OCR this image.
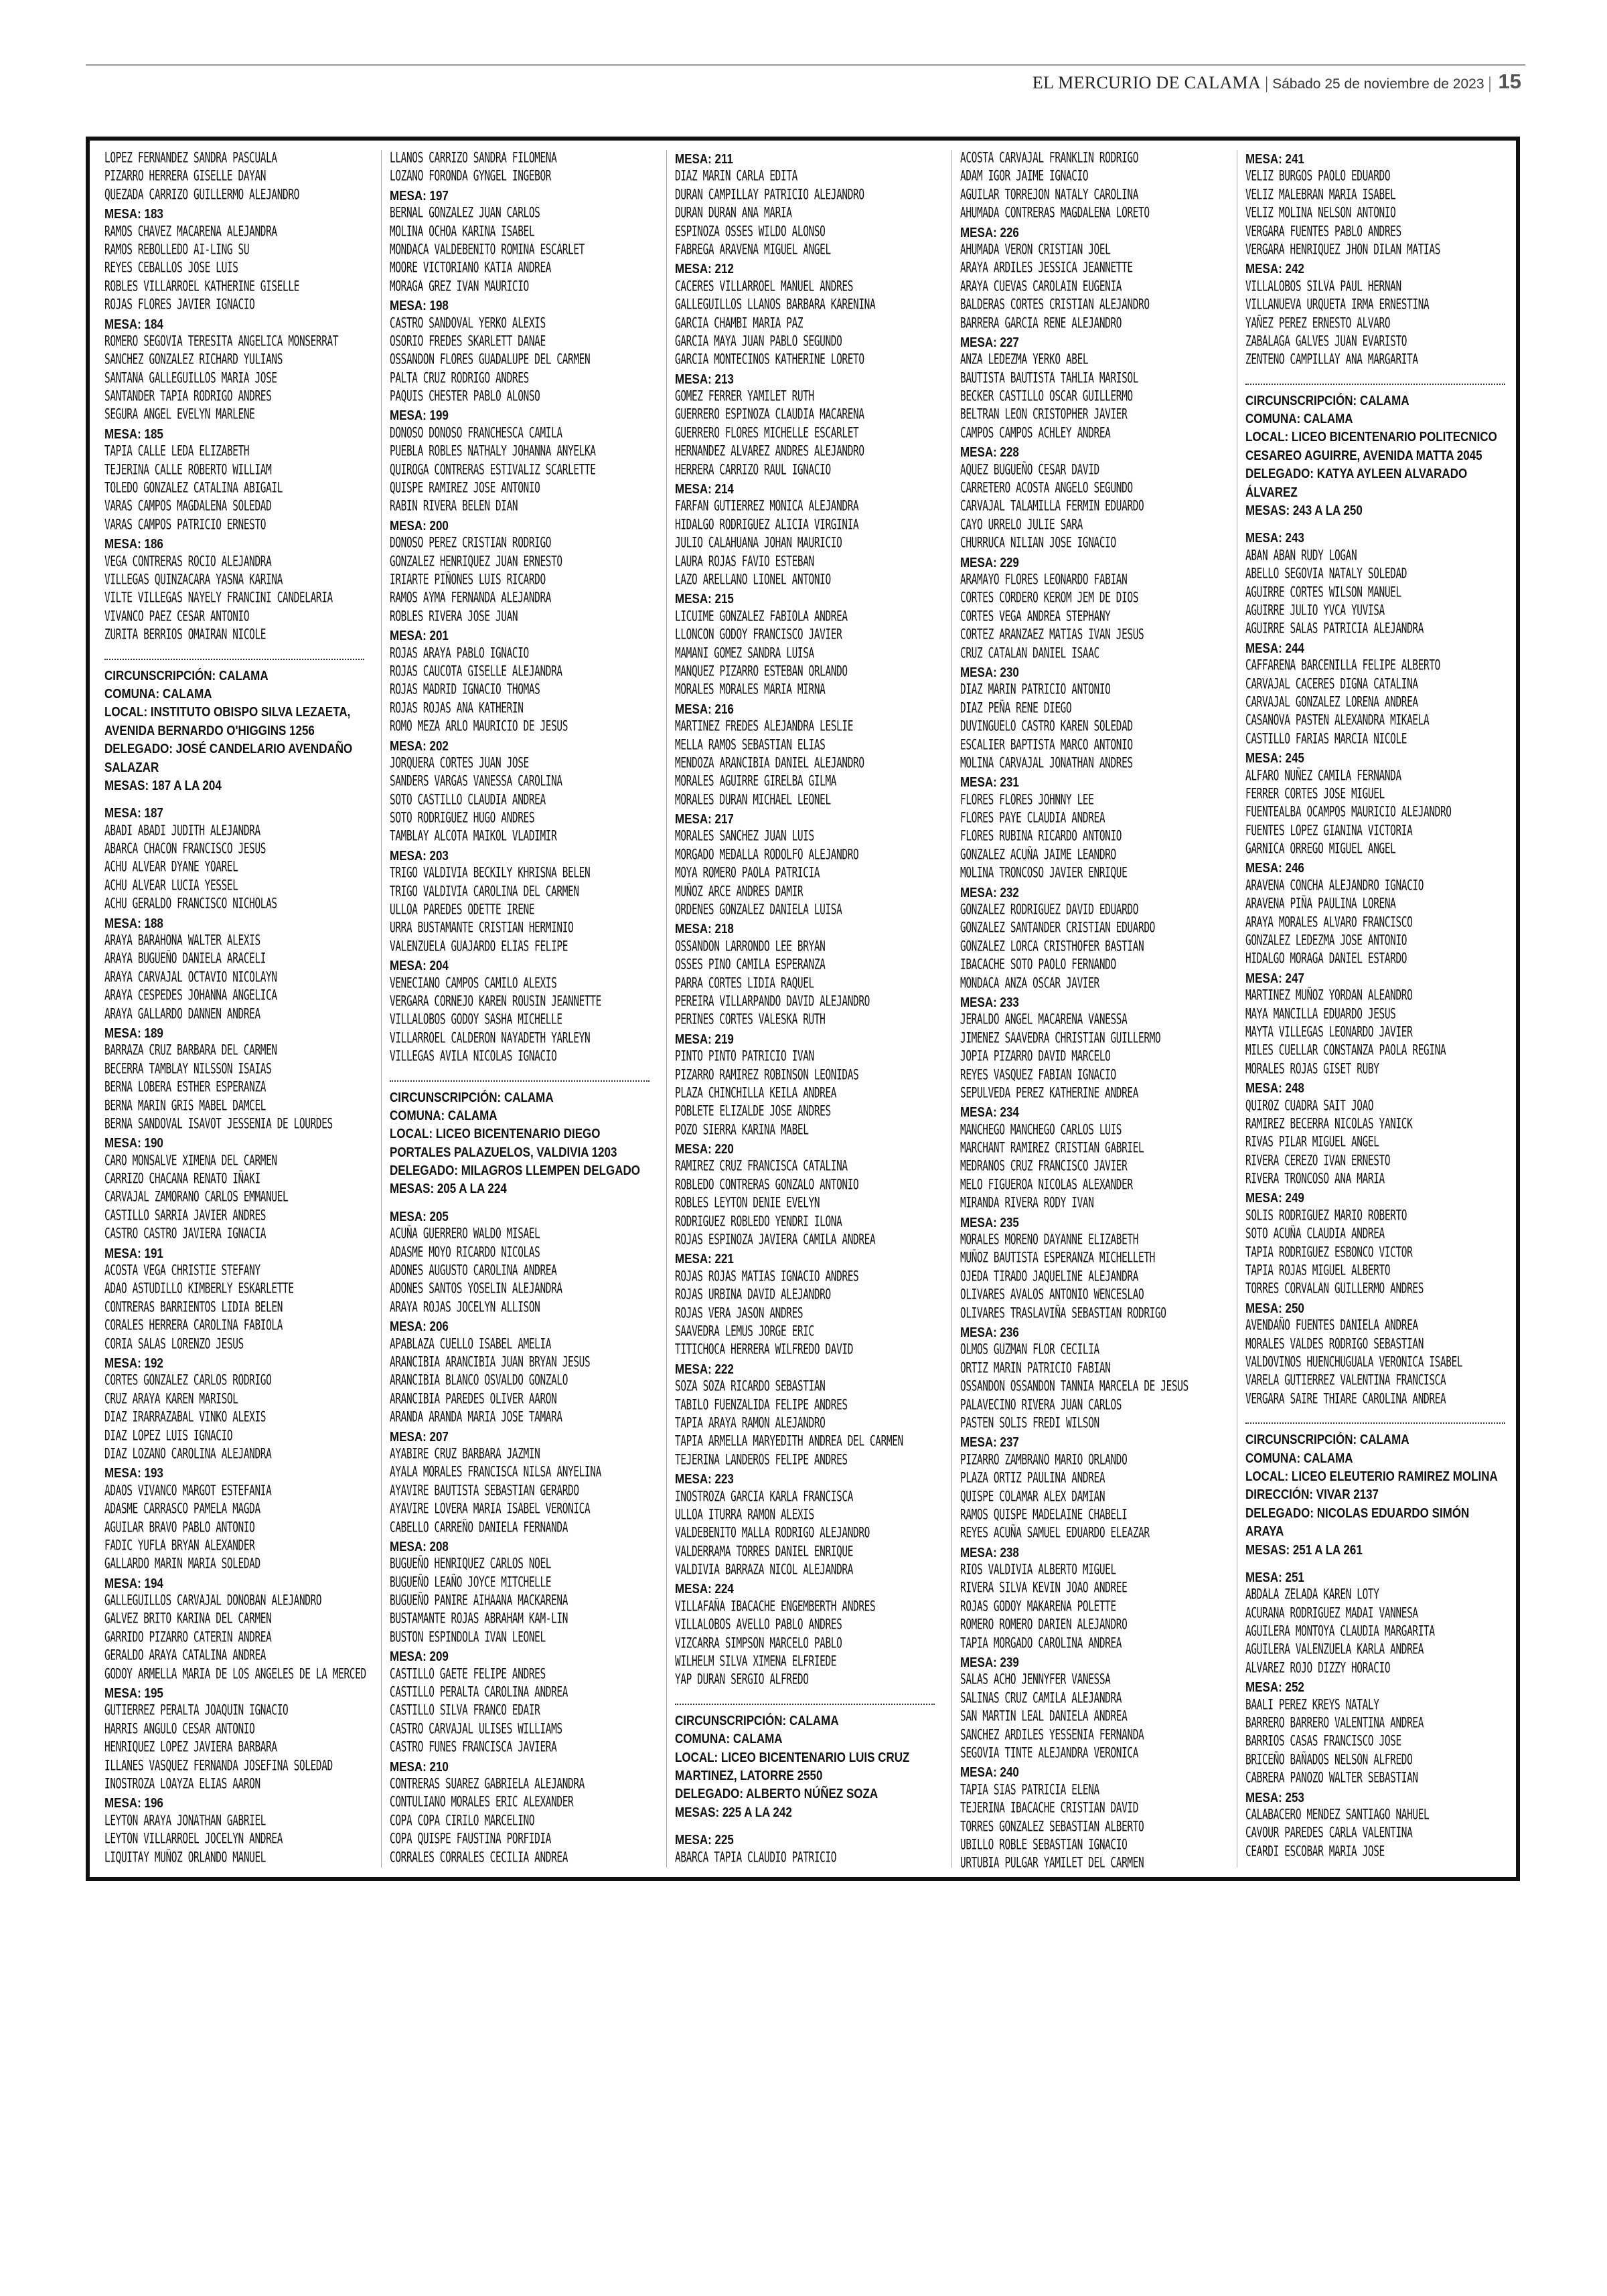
EL MERCURIO DE CALAMA | Sábado 25 de noviembre de 2023 | 15
LOPEZ FERNANDEZ SANDRA PASCUALA
PIZARRO HERRERA GISELLE DAYAN
QUEZADA CARRIZO GUILLERMO ALEJANDRO
MESA: 183
RAMOS CHAVEZ MACARENA ALEJANDRA
RAMOS REBOLLEDO AI-LING SU
REYES CEBALLOS JOSE LUIS
ROBLES VILLARROEL KATHERINE GISELLE
ROJAS FLORES JAVIER IGNACIO
MESA: 184
ROMERO SEGOVIA TERESITA ANGELICA MONSERRAT
SANCHEZ GONZALEZ RICHARD YULIANS
SANTANA GALLEGUILLOS MARIA JOSE
SANTANDER TAPIA RODRIGO ANDRES
SEGURA ANGEL EVELYN MARLENE
MESA: 185
TAPIA CALLE LEDA ELIZABETH
TEJERINA CALLE ROBERTO WILLIAM
TOLEDO GONZALEZ CATALINA ABIGAIL
VARAS CAMPOS MAGDALENA SOLEDAD
VARAS CAMPOS PATRICIO ERNESTO
MESA: 186
VEGA CONTRERAS ROCIO ALEJANDRA
VILLEGAS QUINZACARA YASNA KARINA
VILTE VILLEGAS NAYELY FRANCINI CANDELARIA
VIVANCO PAEZ CESAR ANTONIO
ZURITA BERRIOS OMAIRAN NICOLE
CIRCUNSCRIPCIÓN: CALAMA
COMUNA: CALAMA
LOCAL: INSTITUTO OBISPO SILVA LEZAETA,
AVENIDA BERNARDO O'HIGGINS 1256
DELEGADO: JOSÉ CANDELARIO AVENDAÑO
SALAZAR
MESAS: 187 A LA 204
MESA: 187
ABADI ABADI JUDITH ALEJANDRA
ABARCA CHACON FRANCISCO JESUS
ACHU ALVEAR DYANE YOAREL
ACHU ALVEAR LUCIA YESSEL
ACHU GERALDO FRANCISCO NICHOLAS
MESA: 188
ARAYA BARAHONA WALTER ALEXIS
ARAYA BUGUEÑO DANIELA ARACELI
ARAYA CARVAJAL OCTAVIO NICOLAYN
ARAYA CESPEDES JOHANNA ANGELICA
ARAYA GALLARDO DANNEN ANDREA
MESA: 189
BARRAZA CRUZ BARBARA DEL CARMEN
BECERRA TAMBLAY NILSSON ISAIAS
BERNA LOBERA ESTHER ESPERANZA
BERNA MARIN GRIS MABEL DAMCEL
BERNA SANDOVAL ISAVOT JESSENIA DE LOURDES
MESA: 190
CARO MONSALVE XIMENA DEL CARMEN
CARRIZO CHACANA RENATO IÑAKI
CARVAJAL ZAMORANO CARLOS EMMANUEL
CASTILLO SARRIA JAVIER ANDRES
CASTRO CASTRO JAVIERA IGNACIA
MESA: 191
ACOSTA VEGA CHRISTIE STEFANY
ADAO ASTUDILLO KIMBERLY ESKARLETTE
CONTRERAS BARRIENTOS LIDIA BELEN
CORALES HERRERA CAROLINA FABIOLA
CORIA SALAS LORENZO JESUS
MESA: 192
CORTES GONZALEZ CARLOS RODRIGO
CRUZ ARAYA KAREN MARISOL
DIAZ IRARRAZABAL VINKO ALEXIS
DIAZ LOPEZ LUIS IGNACIO
DIAZ LOZANO CAROLINA ALEJANDRA
MESA: 193
ADAOS VIVANCO MARGOT ESTEFANIA
ADASME CARRASCO PAMELA MAGDA
AGUILAR BRAVO PABLO ANTONIO
FADIC YUFLA BRYAN ALEXANDER
GALLARDO MARIN MARIA SOLEDAD
MESA: 194
GALLEGUILLOS CARVAJAL DONOBAN ALEJANDRO
GALVEZ BRITO KARINA DEL CARMEN
GARRIDO PIZARRO CATERIN ANDREA
GERALDO ARAYA CATALINA ANDREA
GODOY ARMELLA MARIA DE LOS ANGELES DE LA MERCED
MESA: 195
GUTIERREZ PERALTA JOAQUIN IGNACIO
HARRIS ANGULO CESAR ANTONIO
HENRIQUEZ LOPEZ JAVIERA BARBARA
ILLANES VASQUEZ FERNANDA JOSEFINA SOLEDAD
INOSTROZA LOAYZA ELIAS AARON
MESA: 196
LEYTON ARAYA JONATHAN GABRIEL
LEYTON VILLARROEL JOCELYN ANDREA
LIQUITAY MUÑOZ ORLANDO MANUEL
LLANOS CARRIZO SANDRA FILOMENA
LOZANO FORONDA GYNGEL INGEBOR
MESA: 197
BERNAL GONZALEZ JUAN CARLOS
MOLINA OCHOA KARINA ISABEL
MONDACA VALDEBENITO ROMINA ESCARLET
MOORE VICTORIANO KATIA ANDREA
MORAGA GREZ IVAN MAURICIO
MESA: 198
CASTRO SANDOVAL YERKO ALEXIS
OSORIO FREDES SKARLETT DANAE
OSSANDON FLORES GUADALUPE DEL CARMEN
PALTA CRUZ RODRIGO ANDRES
PAQUIS CHESTER PABLO ALONSO
MESA: 199
DONOSO DONOSO FRANCHESCA CAMILA
PUEBLA ROBLES NATHALY JOHANNA ANYELKA
QUIROGA CONTRERAS ESTIVALIZ SCARLETTE
QUISPE RAMIREZ JOSE ANTONIO
RABIN RIVERA BELEN DIAN
MESA: 200
DONOSO PEREZ CRISTIAN RODRIGO
GONZALEZ HENRIQUEZ JUAN ERNESTO
IRIARTE PIÑONES LUIS RICARDO
RAMOS AYMA FERNANDA ALEJANDRA
ROBLES RIVERA JOSE JUAN
MESA: 201
ROJAS ARAYA PABLO IGNACIO
ROJAS CAUCOTA GISELLE ALEJANDRA
ROJAS MADRID IGNACIO THOMAS
ROJAS ROJAS ANA KATHERIN
ROMO MEZA ARLO MAURICIO DE JESUS
MESA: 202
JORQUERA CORTES JUAN JOSE
SANDERS VARGAS VANESSA CAROLINA
SOTO CASTILLO CLAUDIA ANDREA
SOTO RODRIGUEZ HUGO ANDRES
TAMBLAY ALCOTA MAIKOL VLADIMIR
MESA: 203
TRIGO VALDIVIA BECKILY KHRISNA BELEN
TRIGO VALDIVIA CAROLINA DEL CARMEN
ULLOA PAREDES ODETTE IRENE
URRA BUSTAMANTE CRISTIAN HERMINIO
VALENZUELA GUAJARDO ELIAS FELIPE
MESA: 204
VENECIANO CAMPOS CAMILO ALEXIS
VERGARA CORNEJO KAREN ROUSIN JEANNETTE
VILLALOBOS GODOY SASHA MICHELLE
VILLARROEL CALDERON NAYADETH YARLEYN
VILLEGAS AVILA NICOLAS IGNACIO
CIRCUNSCRIPCIÓN: CALAMA
COMUNA: CALAMA
LOCAL: LICEO BICENTENARIO DIEGO
PORTALES PALAZUELOS, VALDIVIA 1203
DELEGADO: MILAGROS LLEMPEN DELGADO
MESAS: 205 A LA 224
MESA: 205
ACUÑA GUERRERO WALDO MISAEL
ADASME MOYO RICARDO NICOLAS
ADONES AUGUSTO CAROLINA ANDREA
ADONES SANTOS YOSELIN ALEJANDRA
ARAYA ROJAS JOCELYN ALLISON
MESA: 206
APABLAZA CUELLO ISABEL AMELIA
ARANCIBIA ARANCIBIA JUAN BRYAN JESUS
ARANCIBIA BLANCO OSVALDO GONZALO
ARANCIBIA PAREDES OLIVER AARON
ARANDA ARANDA MARIA JOSE TAMARA
MESA: 207
AYABIRE CRUZ BARBARA JAZMIN
AYALA MORALES FRANCISCA NILSA ANYELINA
AYAVIRE BAUTISTA SEBASTIAN GERARDO
AYAVIRE LOVERA MARIA ISABEL VERONICA
CABELLO CARREÑO DANIELA FERNANDA
MESA: 208
BUGUEÑO HENRIQUEZ CARLOS NOEL
BUGUEÑO LEAÑO JOYCE MITCHELLE
BUGUEÑO PANIRE AIHAANA MACKARENA
BUSTAMANTE ROJAS ABRAHAM KAM-LIN
BUSTON ESPINDOLA IVAN LEONEL
MESA: 209
CASTILLO GAETE FELIPE ANDRES
CASTILLO PERALTA CAROLINA ANDREA
CASTILLO SILVA FRANCO EDAIR
CASTRO CARVAJAL ULISES WILLIAMS
CASTRO FUNES FRANCISCA JAVIERA
MESA: 210
CONTRERAS SUAREZ GABRIELA ALEJANDRA
CONTULIANO MORALES ERIC ALEXANDER
COPA COPA CIRILO MARCELINO
COPA QUISPE FAUSTINA PORFIDIA
CORRALES CORRALES CECILIA ANDREA
MESA: 211
DIAZ MARIN CARLA EDITA
DURAN CAMPILLAY PATRICIO ALEJANDRO
DURAN DURAN ANA MARIA
ESPINOZA OSSES WILDO ALONSO
FABREGA ARAVENA MIGUEL ANGEL
MESA: 212
CACERES VILLARROEL MANUEL ANDRES
GALLEGUILLOS LLANOS BARBARA KARENINA
GARCIA CHAMBI MARIA PAZ
GARCIA MAYA JUAN PABLO SEGUNDO
GARCIA MONTECINOS KATHERINE LORETO
MESA: 213
GOMEZ FERRER YAMILET RUTH
GUERRERO ESPINOZA CLAUDIA MACARENA
GUERRERO FLORES MICHELLE ESCARLET
HERNANDEZ ALVAREZ ANDRES ALEJANDRO
HERRERA CARRIZO RAUL IGNACIO
MESA: 214
FARFAN GUTIERREZ MONICA ALEJANDRA
HIDALGO RODRIGUEZ ALICIA VIRGINIA
JULIO CALAHUANA JOHAN MAURICIO
LAURA ROJAS FAVIO ESTEBAN
LAZO ARELLANO LIONEL ANTONIO
MESA: 215
LICUIME GONZALEZ FABIOLA ANDREA
LLONCON GODOY FRANCISCO JAVIER
MAMANI GOMEZ SANDRA LUISA
MANQUEZ PIZARRO ESTEBAN ORLANDO
MORALES MORALES MARIA MIRNA
MESA: 216
MARTINEZ FREDES ALEJANDRA LESLIE
MELLA RAMOS SEBASTIAN ELIAS
MENDOZA ARANCIBIA DANIEL ALEJANDRO
MORALES AGUIRRE GIRELBA GILMA
MORALES DURAN MICHAEL LEONEL
MESA: 217
MORALES SANCHEZ JUAN LUIS
MORGADO MEDALLA RODOLFO ALEJANDRO
MOYA ROMERO PAOLA PATRICIA
MUÑOZ ARCE ANDRES DAMIR
ORDENES GONZALEZ DANIELA LUISA
MESA: 218
OSSANDON LARRONDO LEE BRYAN
OSSES PINO CAMILA ESPERANZA
PARRA CORTES LIDIA RAQUEL
PEREIRA VILLARPANDO DAVID ALEJANDRO
PERINES CORTES VALESKA RUTH
MESA: 219
PINTO PINTO PATRICIO IVAN
PIZARRO RAMIREZ ROBINSON LEONIDAS
PLAZA CHINCHILLA KEILA ANDREA
POBLETE ELIZALDE JOSE ANDRES
POZO SIERRA KARINA MABEL
MESA: 220
RAMIREZ CRUZ FRANCISCA CATALINA
ROBLEDO CONTRERAS GONZALO ANTONIO
ROBLES LEYTON DENIE EVELYN
RODRIGUEZ ROBLEDO YENDRI ILONA
ROJAS ESPINOZA JAVIERA CAMILA ANDREA
MESA: 221
ROJAS ROJAS MATIAS IGNACIO ANDRES
ROJAS URBINA DAVID ALEJANDRO
ROJAS VERA JASON ANDRES
SAAVEDRA LEMUS JORGE ERIC
TITICHOCA HERRERA WILFREDO DAVID
MESA: 222
SOZA SOZA RICARDO SEBASTIAN
TABILO FUENZALIDA FELIPE ANDRES
TAPIA ARAYA RAMON ALEJANDRO
TAPIA ARMELLA MARYEDITH ANDREA DEL CARMEN
TEJERINA LANDEROS FELIPE ANDRES
MESA: 223
INOSTROZA GARCIA KARLA FRANCISCA
ULLOA ITURRA RAMON ALEXIS
VALDEBENITO MALLA RODRIGO ALEJANDRO
VALDERRAMA TORRES DANIEL ENRIQUE
VALDIVIA BARRAZA NICOL ALEJANDRA
MESA: 224
VILLAFAÑA IBACACHE ENGEMBERTH ANDRES
VILLALOBOS AVELLO PABLO ANDRES
VIZCARRA SIMPSON MARCELO PABLO
WILHELM SILVA XIMENA ELFRIEDE
YAP DURAN SERGIO ALFREDO
CIRCUNSCRIPCIÓN: CALAMA
COMUNA: CALAMA
LOCAL: LICEO BICENTENARIO LUIS CRUZ
MARTINEZ, LATORRE 2550
DELEGADO: ALBERTO NÚÑEZ SOZA
MESAS: 225 A LA 242
MESA: 225
ABARCA TAPIA CLAUDIO PATRICIO
ACOSTA CARVAJAL FRANKLIN RODRIGO
ADAM IGOR JAIME IGNACIO
AGUILAR TORREJON NATALY CAROLINA
AHUMADA CONTRERAS MAGDALENA LORETO
MESA: 226
AHUMADA VERON CRISTIAN JOEL
ARAYA ARDILES JESSICA JEANNETTE
ARAYA CUEVAS CAROLAIN EUGENIA
BALDERAS CORTES CRISTIAN ALEJANDRO
BARRERA GARCIA RENE ALEJANDRO
MESA: 227
ANZA LEDEZMA YERKO ABEL
BAUTISTA BAUTISTA TAHLIA MARISOL
BECKER CASTILLO OSCAR GUILLERMO
BELTRAN LEON CRISTOPHER JAVIER
CAMPOS CAMPOS ACHLEY ANDREA
MESA: 228
AQUEZ BUGUEÑO CESAR DAVID
CARRETERO ACOSTA ANGELO SEGUNDO
CARVAJAL TALAMILLA FERMIN EDUARDO
CAYO URRELO JULIE SARA
CHURRUCA NILIAN JOSE IGNACIO
MESA: 229
ARAMAYO FLORES LEONARDO FABIAN
CORTES CORDERO KEROM JEM DE DIOS
CORTES VEGA ANDREA STEPHANY
CORTEZ ARANZAEZ MATIAS IVAN JESUS
CRUZ CATALAN DANIEL ISAAC
MESA: 230
DIAZ MARIN PATRICIO ANTONIO
DIAZ PEÑA RENE DIEGO
DUVINGUELO CASTRO KAREN SOLEDAD
ESCALIER BAPTISTA MARCO ANTONIO
MOLINA CARVAJAL JONATHAN ANDRES
MESA: 231
FLORES FLORES JOHNNY LEE
FLORES PAYE CLAUDIA ANDREA
FLORES RUBINA RICARDO ANTONIO
GONZALEZ ACUÑA JAIME LEANDRO
MOLINA TRONCOSO JAVIER ENRIQUE
MESA: 232
GONZALEZ RODRIGUEZ DAVID EDUARDO
GONZALEZ SANTANDER CRISTIAN EDUARDO
GONZALEZ LORCA CRISTHOFER BASTIAN
IBACACHE SOTO PAOLO FERNANDO
MONDACA ANZA OSCAR JAVIER
MESA: 233
JERALDO ANGEL MACARENA VANESSA
JIMENEZ SAAVEDRA CHRISTIAN GUILLERMO
JOPIA PIZARRO DAVID MARCELO
REYES VASQUEZ FABIAN IGNACIO
SEPULVEDA PEREZ KATHERINE ANDREA
MESA: 234
MANCHEGO MANCHEGO CARLOS LUIS
MARCHANT RAMIREZ CRISTIAN GABRIEL
MEDRANOS CRUZ FRANCISCO JAVIER
MELO FIGUEROA NICOLAS ALEXANDER
MIRANDA RIVERA RODY IVAN
MESA: 235
MORALES MORENO DAYANNE ELIZABETH
MUÑOZ BAUTISTA ESPERANZA MICHELLETH
OJEDA TIRADO JAQUELINE ALEJANDRA
OLIVARES AVALOS ANTONIO WENCESLAO
OLIVARES TRASLAVIÑA SEBASTIAN RODRIGO
MESA: 236
OLMOS GUZMAN FLOR CECILIA
ORTIZ MARIN PATRICIO FABIAN
OSSANDON OSSANDON TANNIA MARCELA DE JESUS
PALAVECINO RIVERA JUAN CARLOS
PASTEN SOLIS FREDI WILSON
MESA: 237
PIZARRO ZAMBRANO MARIO ORLANDO
PLAZA ORTIZ PAULINA ANDREA
QUISPE COLAMAR ALEX DAMIAN
RAMOS QUISPE MADELAINE CHABELI
REYES ACUÑA SAMUEL EDUARDO ELEAZAR
MESA: 238
RIOS VALDIVIA ALBERTO MIGUEL
RIVERA SILVA KEVIN JOAO ANDREE
ROJAS GODOY MAKARENA POLETTE
ROMERO ROMERO DARIEN ALEJANDRO
TAPIA MORGADO CAROLINA ANDREA
MESA: 239
SALAS ACHO JENNYFER VANESSA
SALINAS CRUZ CAMILA ALEJANDRA
SAN MARTIN LEAL DANIELA ANDREA
SANCHEZ ARDILES YESSENIA FERNANDA
SEGOVIA TINTE ALEJANDRA VERONICA
MESA: 240
TAPIA SIAS PATRICIA ELENA
TEJERINA IBACACHE CRISTIAN DAVID
TORRES GONZALEZ SEBASTIAN ALBERTO
UBILLO ROBLE SEBASTIAN IGNACIO
URTUBIA PULGAR YAMILET DEL CARMEN
MESA: 241
VELIZ BURGOS PAOLO EDUARDO
VELIZ MALEBRAN MARIA ISABEL
VELIZ MOLINA NELSON ANTONIO
VERGARA FUENTES PABLO ANDRES
VERGARA HENRIQUEZ JHON DILAN MATIAS
MESA: 242
VILLALOBOS SILVA PAUL HERNAN
VILLANUEVA URQUETA IRMA ERNESTINA
YAÑEZ PEREZ ERNESTO ALVARO
ZABALAGA GALVES JUAN EVARISTO
ZENTENO CAMPILLAY ANA MARGARITA
CIRCUNSCRIPCIÓN: CALAMA
COMUNA: CALAMA
LOCAL: LICEO BICENTENARIO POLITECNICO
CESAREO AGUIRRE, AVENIDA MATTA 2045
DELEGADO: KATYA AYLEEN ALVARADO
ÁLVAREZ
MESAS: 243 A LA 250
MESA: 243
ABAN ABAN RUDY LOGAN
ABELLO SEGOVIA NATALY SOLEDAD
AGUIRRE CORTES WILSON MANUEL
AGUIRRE JULIO YVCA YUVISA
AGUIRRE SALAS PATRICIA ALEJANDRA
MESA: 244
CAFFARENA BARCENILLA FELIPE ALBERTO
CARVAJAL CACERES DIGNA CATALINA
CARVAJAL GONZALEZ LORENA ANDREA
CASANOVA PASTEN ALEXANDRA MIKAELA
CASTILLO FARIAS MARCIA NICOLE
MESA: 245
ALFARO NUÑEZ CAMILA FERNANDA
FERRER CORTES JOSE MIGUEL
FUENTEALBA OCAMPOS MAURICIO ALEJANDRO
FUENTES LOPEZ GIANINA VICTORIA
GARNICA ORREGO MIGUEL ANGEL
MESA: 246
ARAVENA CONCHA ALEJANDRO IGNACIO
ARAVENA PIÑA PAULINA LORENA
ARAYA MORALES ALVARO FRANCISCO
GONZALEZ LEDEZMA JOSE ANTONIO
HIDALGO MORAGA DANIEL ESTARDO
MESA: 247
MARTINEZ MUÑOZ YORDAN ALEANDRO
MAYA MANCILLA EDUARDO JESUS
MAYTA VILLEGAS LEONARDO JAVIER
MILES CUELLAR CONSTANZA PAOLA REGINA
MORALES ROJAS GISET RUBY
MESA: 248
QUIROZ CUADRA SAIT JOAO
RAMIREZ BECERRA NICOLAS YANICK
RIVAS PILAR MIGUEL ANGEL
RIVERA CEREZO IVAN ERNESTO
RIVERA TRONCOSO ANA MARIA
MESA: 249
SOLIS RODRIGUEZ MARIO ROBERTO
SOTO ACUÑA CLAUDIA ANDREA
TAPIA RODRIGUEZ ESBONCO VICTOR
TAPIA ROJAS MIGUEL ALBERTO
TORRES CORVALAN GUILLERMO ANDRES
MESA: 250
AVENDAÑO FUENTES DANIELA ANDREA
MORALES VALDES RODRIGO SEBASTIAN
VALDOVINOS HUENCHUGUALA VERONICA ISABEL
VARELA GUTIERREZ VALENTINA FRANCISCA
VERGARA SAIRE THIARE CAROLINA ANDREA
CIRCUNSCRIPCIÓN: CALAMA
COMUNA: CALAMA
LOCAL: LICEO ELEUTERIO RAMIREZ MOLINA
DIRECCIÓN: VIVAR 2137
DELEGADO: NICOLAS EDUARDO SIMÓN
ARAYA
MESAS: 251 A LA 261
MESA: 251
ABDALA ZELADA KAREN LOTY
ACURANA RODRIGUEZ MADAI VANNESA
AGUILERA MONTOYA CLAUDIA MARGARITA
AGUILERA VALENZUELA KARLA ANDREA
ALVAREZ ROJO DIZZY HORACIO
MESA: 252
BAALI PEREZ KREYS NATALY
BARRERO BARRERO VALENTINA ANDREA
BARRIOS CASAS FRANCISCO JOSE
BRICEÑO BAÑADOS NELSON ALFREDO
CABRERA PANOZO WALTER SEBASTIAN
MESA: 253
CALABACERO MENDEZ SANTIAGO NAHUEL
CAVOUR PAREDES CARLA VALENTINA
CEARDI ESCOBAR MARIA JOSE
